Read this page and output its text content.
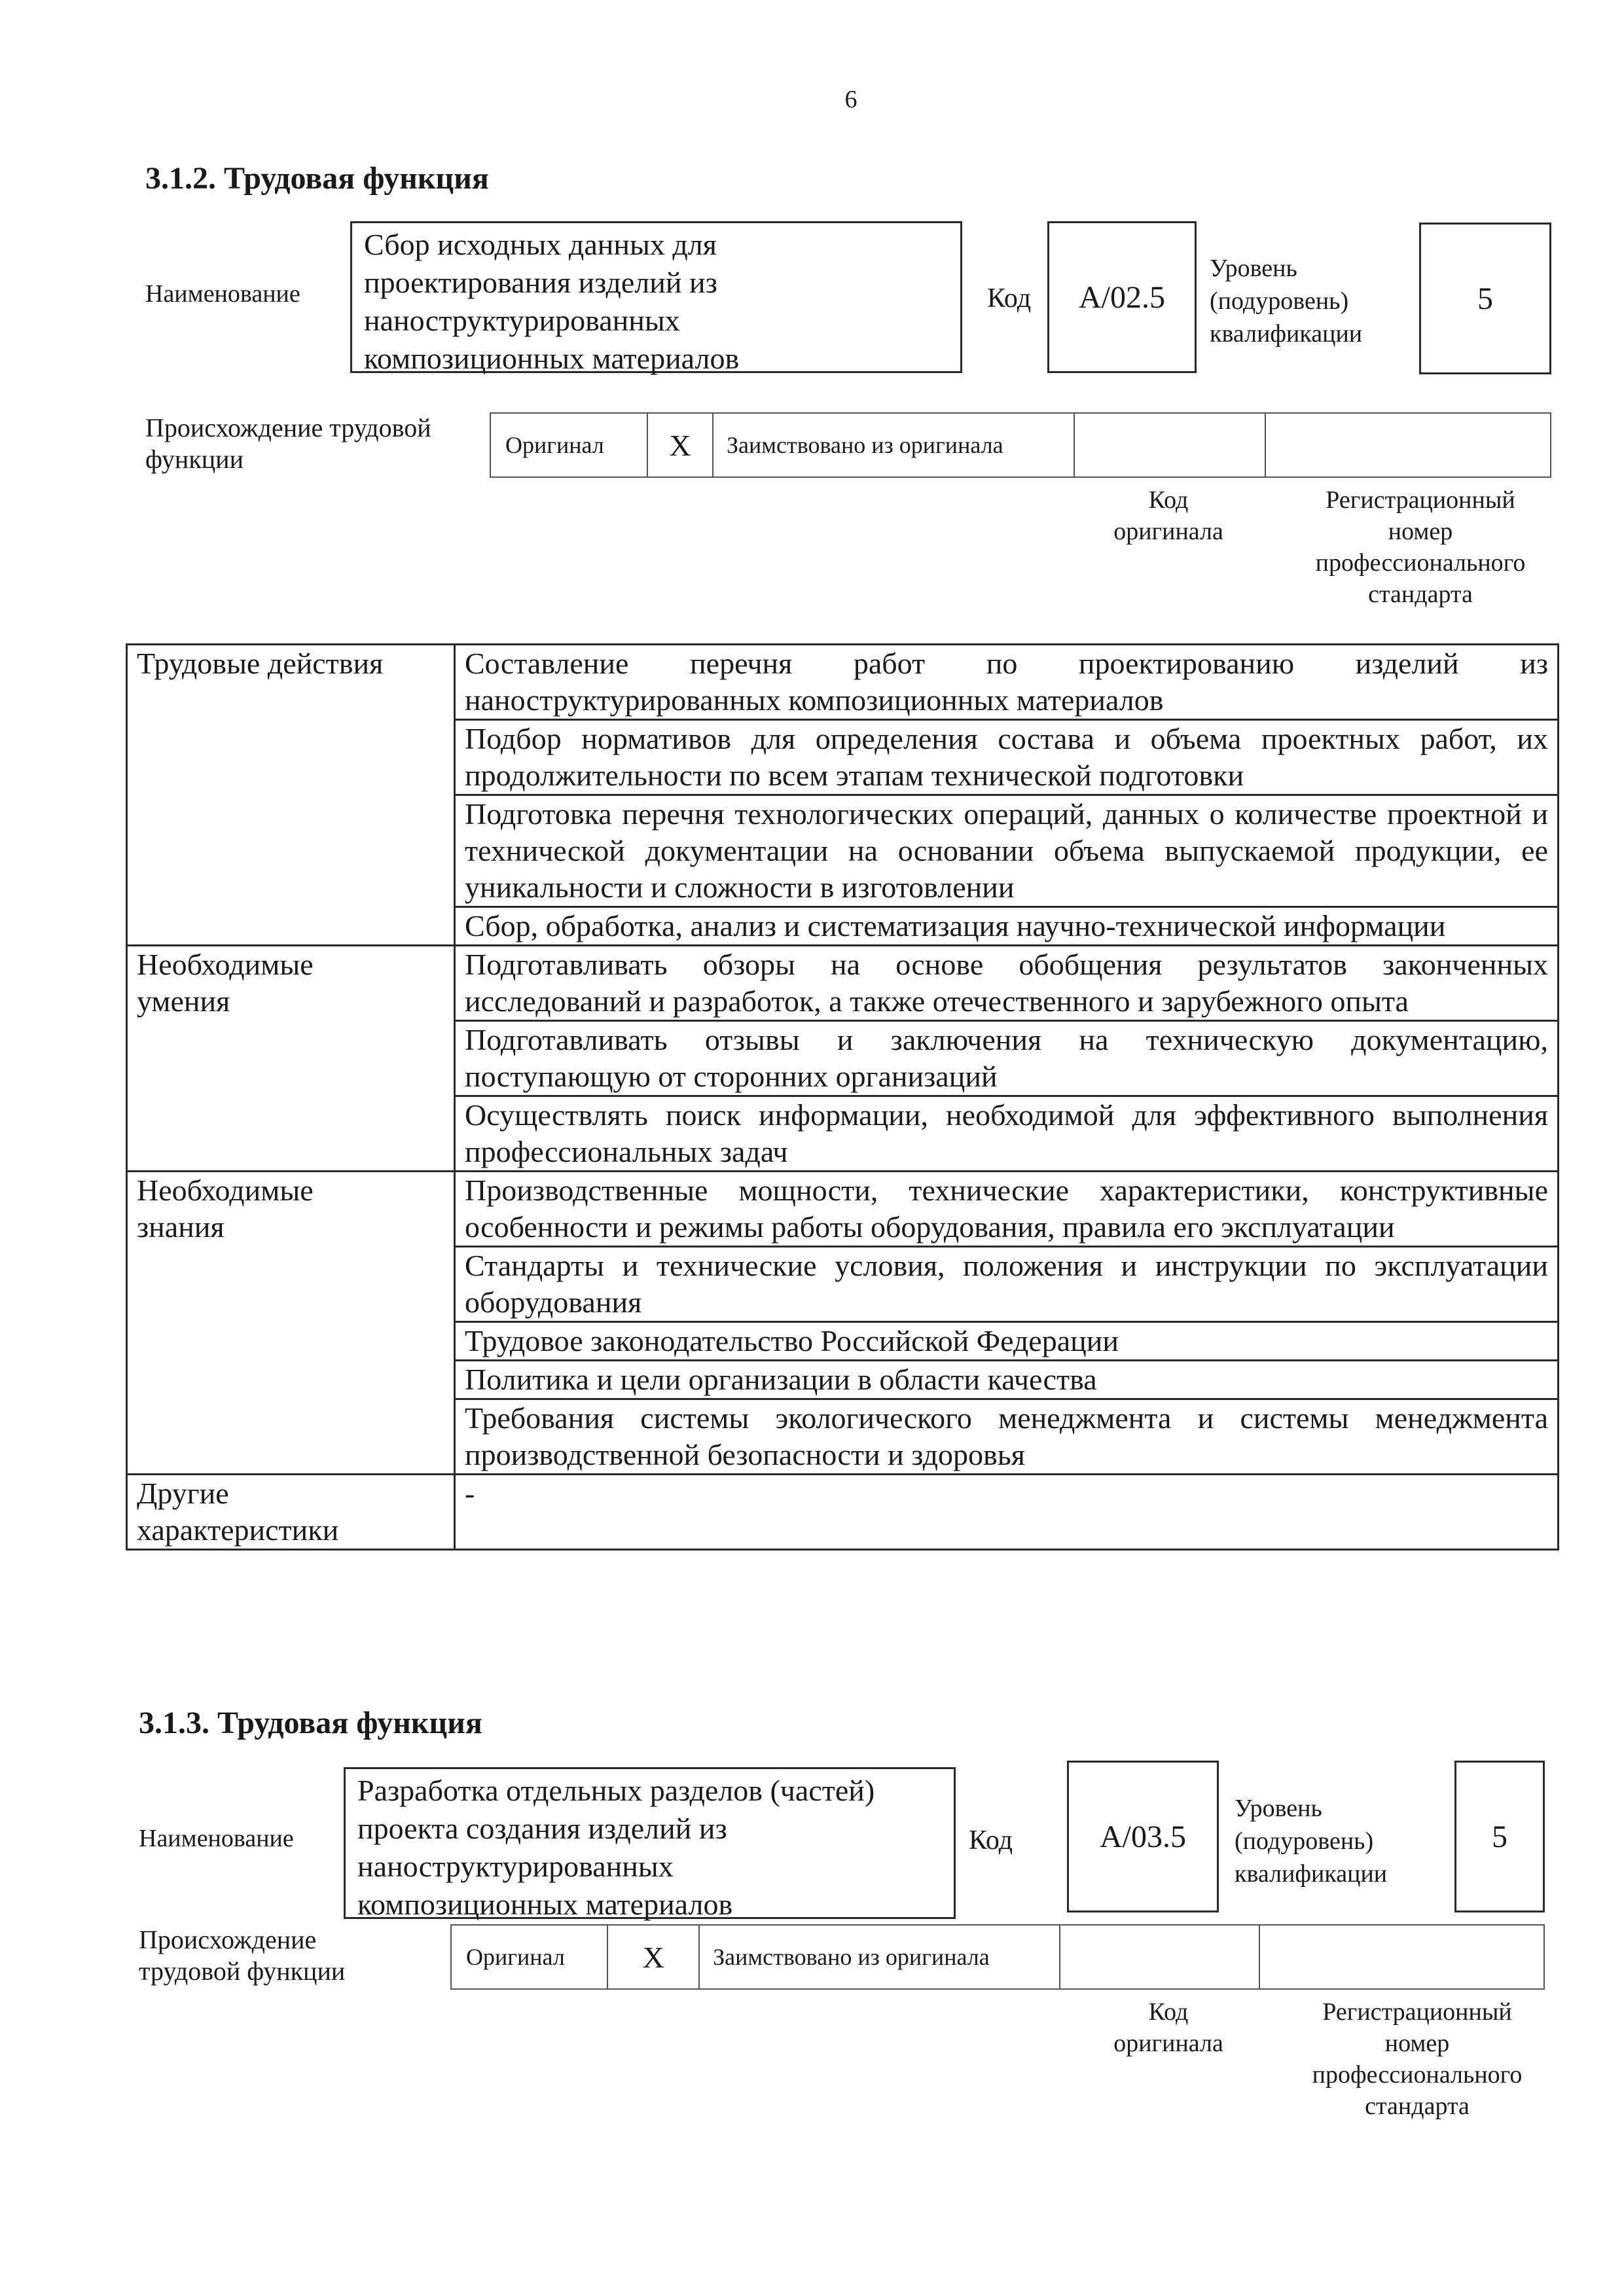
6
3.1.2. Трудовая функция
Наименование
Сбор исходных данных для
проектирования изделий из
наноструктурированных
композиционных материалов
Код A/02.5
Уровень
(подуровень)
квалификации
5
Происхождение трудовой
функции	Оригинал X Заимствовано из оригинала
Код
оригинала
Регистрационный
номер
профессионального
стандарта
Трудовые действия	Составление перечня работ по проектированию изделий из наноструктурированных композиционных материалов
	Подбор нормативов для определения состава и объема проектных работ, их продолжительности по всем этапам технической подготовки
	Подготовка перечня технологических операций, данных о количестве проектной и технической документации на основании объема выпускаемой продукции, ее уникальности и сложности в изготовлении
	Сбор, обработка, анализ и систематизация научно-технической информации

Необходимые
умения	Подготавливать обзоры на основе обобщения результатов законченных исследований и разработок, а также отечественного и зарубежного опыта
	Подготавливать отзывы и заключения на техническую документацию, поступающую от сторонних организаций
	Осуществлять поиск информации, необходимой для эффективного выполнения профессиональных задач

Необходимые
знания	Производственные мощности, технические характеристики, конструктивные особенности и режимы работы оборудования, правила его эксплуатации
	Стандарты и технические условия, положения и инструкции по эксплуатации оборудования
	Трудовое законодательство Российской Федерации
	Политика и цели организации в области качества
	Требования системы экологического менеджмента и системы менеджмента производственной безопасности и здоровья

Другие
характеристики	-
3.1.3. Трудовая функция
Наименование
Разработка отдельных разделов (частей)
проекта создания изделий из
наноструктурированных
композиционных материалов
Код	A/03.5
Уровень
(подуровень)
квалификации
5
Происхождение
трудовой функции	Оригинал	X Заимствовано из оригинала
Код
оригинала
Регистрационный
номер
профессионального
стандарта
